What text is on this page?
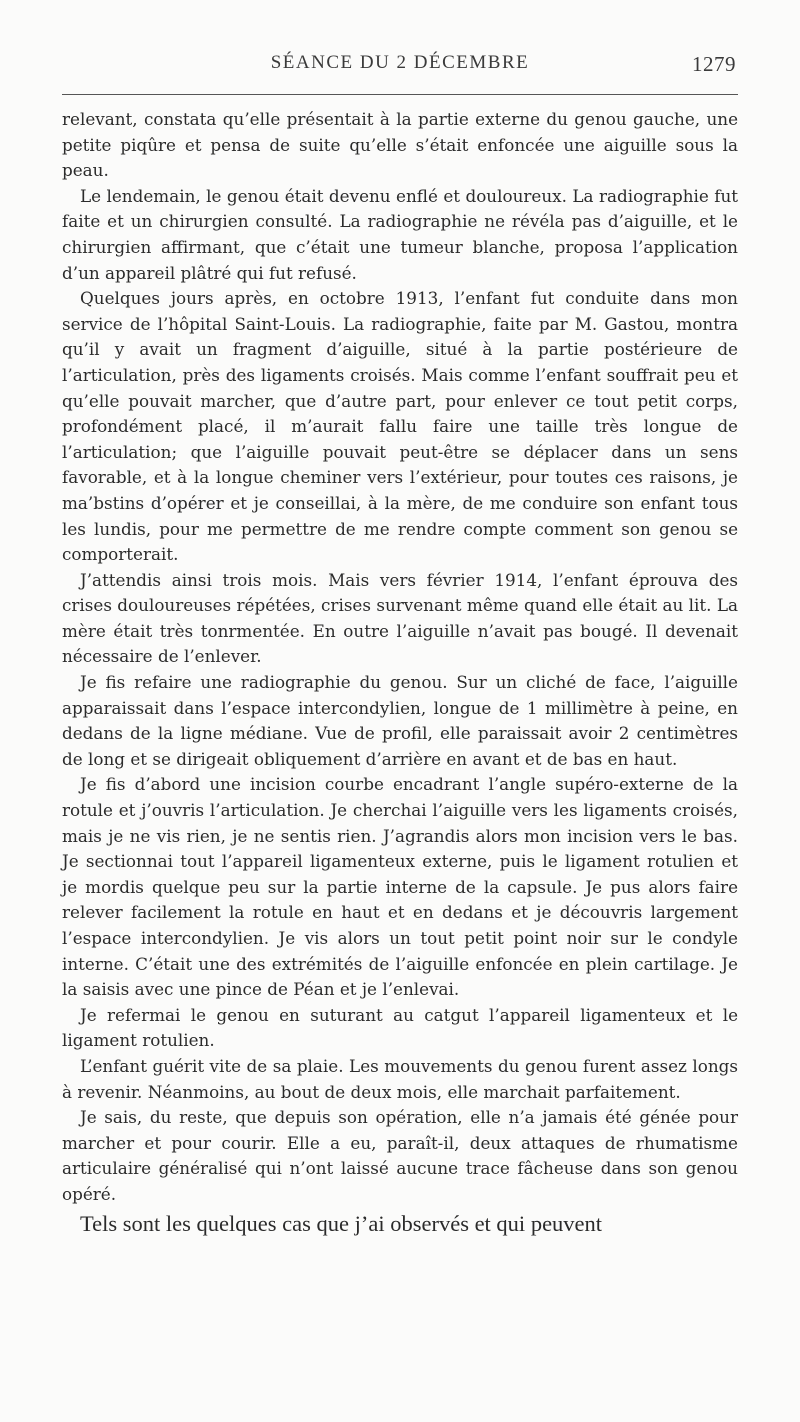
SÉANCE DU 2 DÉCEMBRE	1279

relevant, constata qu’elle présentait à la partie externe du genou gauche, une petite piqûre et pensa de suite qu’elle s’était enfoncée une aiguille sous la peau.

Le lendemain, le genou était devenu enflé et douloureux. La radiographie fut faite et un chirurgien consulté. La radiographie ne révéla pas d’aiguille, et le chirurgien affirmant, que c’était une tumeur blanche, proposa l’application d’un appareil plâtré qui fut refusé.

Quelques jours après, en octobre 1913, l’enfant fut conduite dans mon service de l’hôpital Saint-Louis. La radiographie, faite par M. Gastou, montra qu’il y avait un fragment d’aiguille, situé à la partie postérieure de l’articulation, près des ligaments croisés. Mais comme l’enfant souffrait peu et qu’elle pouvait marcher, que d’autre part, pour enlever ce tout petit corps, profondément placé, il m’aurait fallu faire une taille très longue de l’articulation; que l’aiguille pouvait peut-être se déplacer dans un sens favorable, et à la longue cheminer vers l’extérieur, pour toutes ces raisons, je ma’bstins d’opérer et je conseillai, à la mère, de me conduire son enfant tous les lundis, pour me permettre de me rendre compte comment son genou se comporterait.

J’attendis ainsi trois mois. Mais vers février 1914, l’enfant éprouva des crises douloureuses répétées, crises survenant même quand elle était au lit. La mère était très tonrmentée. En outre l’aiguille n’avait pas bougé. Il devenait nécessaire de l’enlever.

Je fis refaire une radiographie du genou. Sur un cliché de face, l’aiguille apparaissait dans l’espace intercondylien, longue de 1 millimètre à peine, en dedans de la ligne médiane. Vue de profil, elle paraissait avoir 2 centimètres de long et se dirigeait obliquement d’arrière en avant et de bas en haut.

Je fis d’abord une incision courbe encadrant l’angle supéro-externe de la rotule et j’ouvris l’articulation. Je cherchai l’aiguille vers les ligaments croisés, mais je ne vis rien, je ne sentis rien. J’agrandis alors mon incision vers le bas. Je sectionnai tout l’appareil ligamenteux externe, puis le ligament rotulien et je mordis quelque peu sur la partie interne de la capsule. Je pus alors faire relever facilement la rotule en haut et en dedans et je découvris largement l’espace intercondylien. Je vis alors un tout petit point noir sur le condyle interne. C’était une des extrémités de l’aiguille enfoncée en plein cartilage. Je la saisis avec une pince de Péan et je l’enlevai.

Je refermai le genou en suturant au catgut l’appareil ligamenteux et le ligament rotulien.

L’enfant guérit vite de sa plaie. Les mouvements du genou furent assez longs à revenir. Néanmoins, au bout de deux mois, elle marchait parfaitement.

Je sais, du reste, que depuis son opération, elle n’a jamais été génée pour marcher et pour courir. Elle a eu, paraît-il, deux attaques de rhumatisme articulaire généralisé qui n’ont laissé aucune trace fâcheuse dans son genou opéré.

Tels sont les quelques cas que j’ai observés et qui peuvent
